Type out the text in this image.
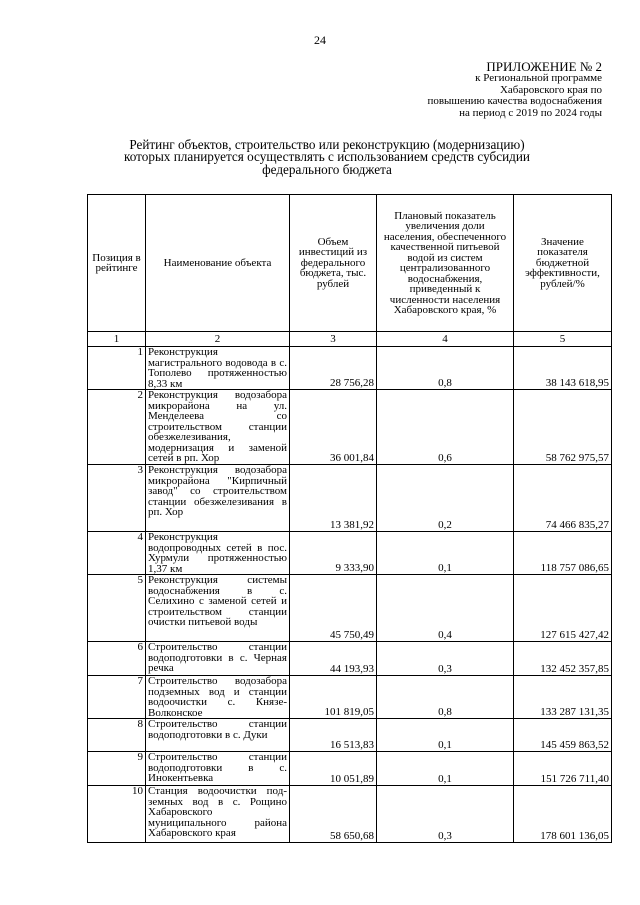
24
ПРИЛОЖЕНИЕ № 2
к Региональной программе
Хабаровского края по
повышению качества водоснабжения
на период с 2019 по 2024 годы
Рейтинг объектов, строительство или реконструкцию (модернизацию)
которых планируется осуществлять с использованием средств субсидии
федерального бюджета
Позиция в рейтинге	Наименование объекта	Объем инвестиций из федерального бюджета, тыс. рублей	Плановый показатель увеличения доли населения, обеспеченного качественной питьевой водой из систем централизованного водоснабжения, приведенный к численности населения Хабаровского края, %	Значение показателя бюджетной эффективности, рублей/%
1	2	3	4	5
1	Реконструкция магистрального водовода в с. Тополево протяженностью 8,33 км	28 756,28	0,8	38 143 618,95
2	Реконструкция водозабора микрорайона на ул. Менделеева со строительством станции обезжелезивания, модернизация и заменой сетей в рп. Хор	36 001,84	0,6	58 762 975,57
3	Реконструкция водозабора микрорайона "Кирпичный завод" со строительством станции обезжелезивания в рп. Хор	13 381,92	0,2	74 466 835,27
4	Реконструкция водопроводных сетей в пос. Хурмули протяженностью 1,37 км	9 333,90	0,1	118 757 086,65
5	Реконструкция системы водоснабжения в с. Селихино с заменой сетей и строительством станции очистки питьевой воды	45 750,49	0,4	127 615 427,42
6	Строительство станции водоподготовки в с. Черная речка	44 193,93	0,3	132 452 357,85
7	Строительство водозабора подземных вод и станции водоочистки с. Князе-Волконское	101 819,05	0,8	133 287 131,35
8	Строительство станции водоподготовки в с. Дуки	16 513,83	0,1	145 459 863,52
9	Строительство станции водоподготовки в с. Инокентьевка	10 051,89	0,1	151 726 711,40
10	Станция водоочистки под-земных вод в с. Рощино Хабаровского муниципального района Хабаровского края	58 650,68	0,3	178 601 136,05
